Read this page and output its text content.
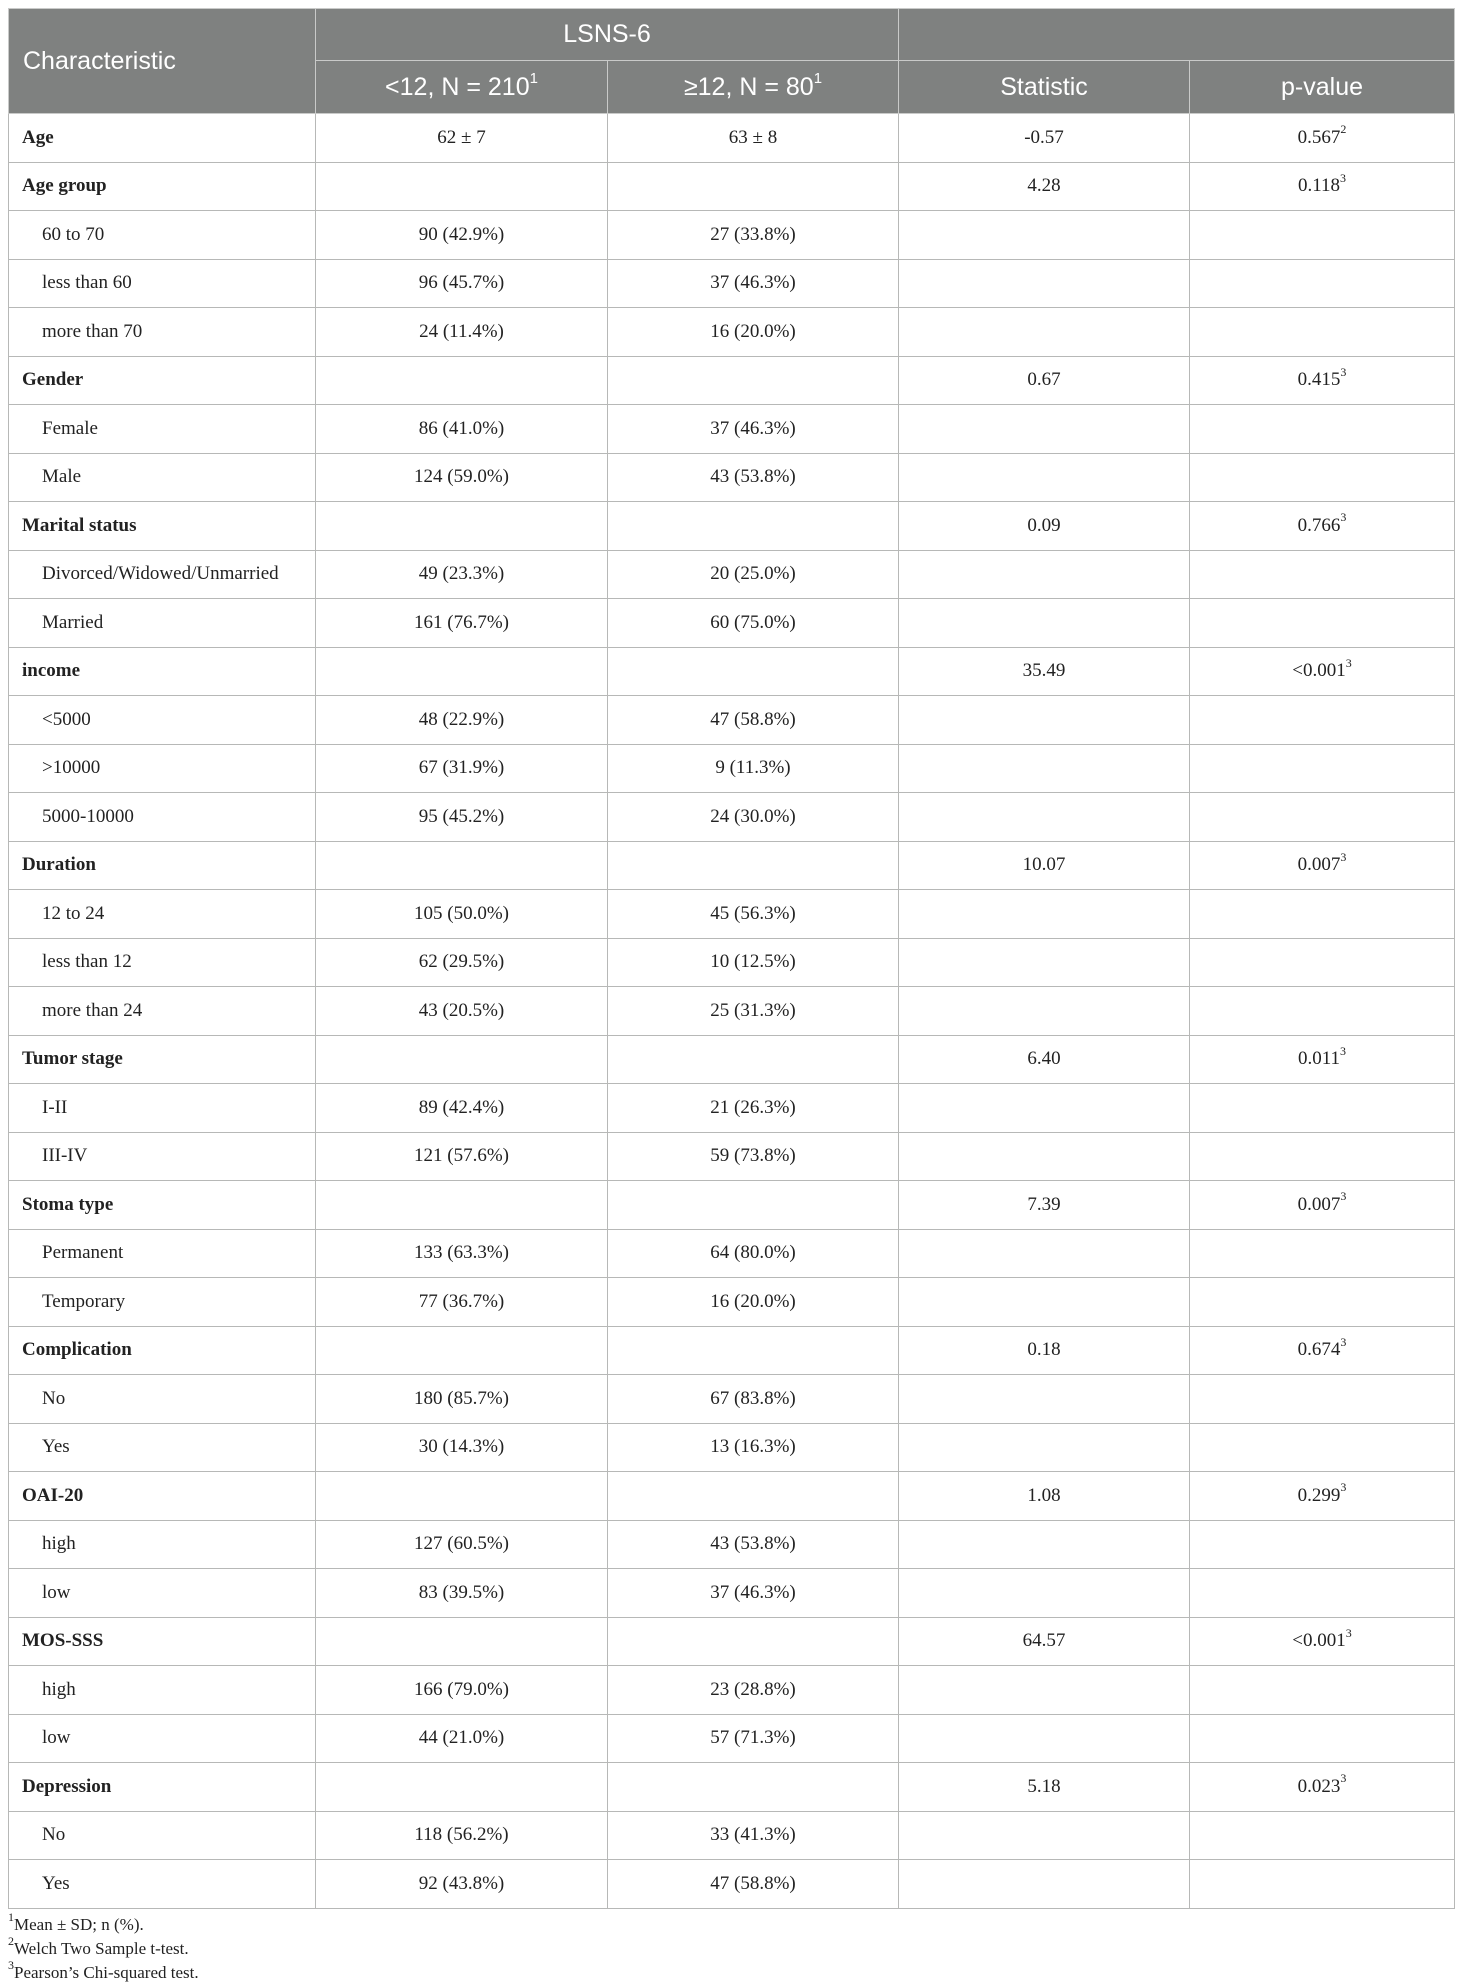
Characteristic	LSNS-6			
	<12, $N = 210^1$	≥12, $N = 80^1$	Statistic	p-value
Age	62 ± 7	63 ± 8	-0.57	0.567$^2$
Age group			4.28	0.118$^3$
60 to 70	90 (42.9%)	27 (33.8%)		
less than 60	96 (45.7%)	37 (46.3%)		
more than 70	24 (11.4%)	16 (20.0%)		
Gender			0.67	0.415$^3$
Female	86 (41.0%)	37 (46.3%)		
Male	124 (59.0%)	43 (53.8%)		
Marital status			0.09	0.766$^3$
Divorced/Widowed/Unmarried	49 (23.3%)	20 (25.0%)		
Married	161 (76.7%)	60 (75.0%)		
income			35.49	$<0.001^3$
<5000	48 (22.9%)	47 (58.8%)		
>10000	67 (31.9%)	9 (11.3%)		
5000-10000	95 (45.2%)	24 (30.0%)		
Duration			10.07	0.007$^3$
12 to 24	105 (50.0%)	45 (56.3%)		
less than 12	62 (29.5%)	10 (12.5%)		
more than 24	43 (20.5%)	25 (31.3%)		
Tumor stage			6.40	0.011$^3$
I-II	89 (42.4%)	21 (26.3%)		
III-IV	121 (57.6%)	59 (73.8%)		
Stoma type			7.39	0.007$^3$
Permanent	133 (63.3%)	64 (80.0%)		
Temporary	77 (36.7%)	16 (20.0%)		
Complication			0.18	0.674$^3$
No	180 (85.7%)	67 (83.8%)		
Yes	30 (14.3%)	13 (16.3%)		
OAI-20			1.08	0.299$^3$
high	127 (60.5%)	43 (53.8%)		
low	83 (39.5%)	37 (46.3%)		
MOS-SSS			64.57	$<0.001^3$
high	166 (79.0%)	23 (28.8%)		
low	44 (21.0%)	57 (71.3%)		
Depression			5.18	0.023$^3$
No	118 (56.2%)	33 (41.3%)		
Yes	92 (43.8%)	47 (58.8%)		
$^1$Mean ± SD; n (%).
$^2$Welch Two Sample t-test.
$^3$Pearson’s Chi-squared test.
